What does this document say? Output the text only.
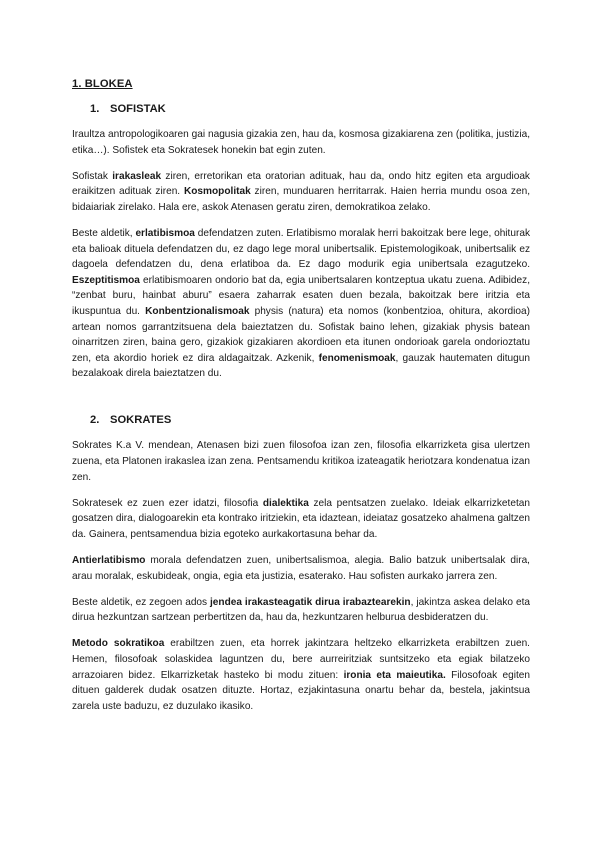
1. BLOKEA
1. SOFISTAK

Iraultza antropologikoaren gai nagusia gizakia zen, hau da, kosmosa gizakiarena zen (politika, justizia, etika…). Sofistek eta Sokratesek honekin bat egin zuten.

Sofistak irakasleak ziren, erretorikan eta oratorian adituak, hau da, ondo hitz egiten eta argudioak eraikitzen adituak ziren. Kosmopolitak ziren, munduaren herritarrak. Haien herria mundu osoa zen, bidaiariak zirelako. Hala ere, askok Atenasen geratu ziren, demokratikoa zelako.

Beste aldetik, erlatibismoa defendatzen zuten. Erlatibismo moralak herri bakoitzak bere lege, ohiturak eta balioak dituela defendatzen du, ez dago lege moral unibertsalik. Epistemologikoak, unibertsalik ez dagoela defendatzen du, dena erlatiboa da. Ez dago modurik egia unibertsala ezagutzeko. Eszeptitismoa erlatibismoaren ondorio bat da, egia unibertsalaren kontzeptua ukatu zuena. Adibidez, “zenbat buru, hainbat aburu” esaera zaharrak esaten duen bezala, bakoitzak bere iritzia eta ikuspuntua du. Konbentzionalismoak physis (natura) eta nomos (konbentzioa, ohitura, akordioa) artean nomos garrantzitsuena dela baieztatzen du. Sofistak baino lehen, gizakiak physis batean oinarritzen ziren, baina gero, gizakiok gizakiaren akordioen eta itunen ondorioak garela ondorioztatu zen, eta akordio horiek ez dira aldagaitzak. Azkenik, fenomenismoak, gauzak hautematen ditugun bezalakoak direla baieztatzen du.

2. SOKRATES

Sokrates K.a V. mendean, Atenasen bizi zuen filosofoa izan zen, filosofia elkarrizketa gisa ulertzen zuena, eta Platonen irakaslea izan zena. Pentsamendu kritikoa izateagatik heriotzara kondenatua izan zen.

Sokratesek ez zuen ezer idatzi, filosofia dialektika zela pentsatzen zuelako. Ideiak elkarrizketetan gosatzen dira, dialogoarekin eta kontrako iritziekin, eta idaztean, ideiataz gosatzeko ahalmena galtzen da. Gainera, pentsamendua bizia egoteko aurkakortasuna behar da.

Antierlatibismo morala defendatzen zuen, unibertsalismoa, alegia. Balio batzuk unibertsalak dira, arau moralak, eskubideak, ongia, egia eta justizia, esaterako. Hau sofisten aurkako jarrera zen.

Beste aldetik, ez zegoen ados jendea irakasteagatik dirua irabaztearekin, jakintza askea delako eta dirua hezkuntzan sartzean perbertitzen da, hau da, hezkuntzaren helburua desbideratzen du.

Metodo sokratikoa erabiltzen zuen, eta horrek jakintzara heltzeko elkarrizketa erabiltzen zuen. Hemen, filosofoak solaskidea laguntzen du, bere aurreiritziak suntsitzeko eta egiak bilatzeko arrazoiaren bidez. Elkarrizketak hasteko bi modu zituen: ironia eta maieutika. Filosofoak egiten dituen galderek dudak osatzen dituzte. Hortaz, ezjakintasuna onartu behar da, bestela, jakintsua zarela uste baduzu, ez duzulako ikasiko.
